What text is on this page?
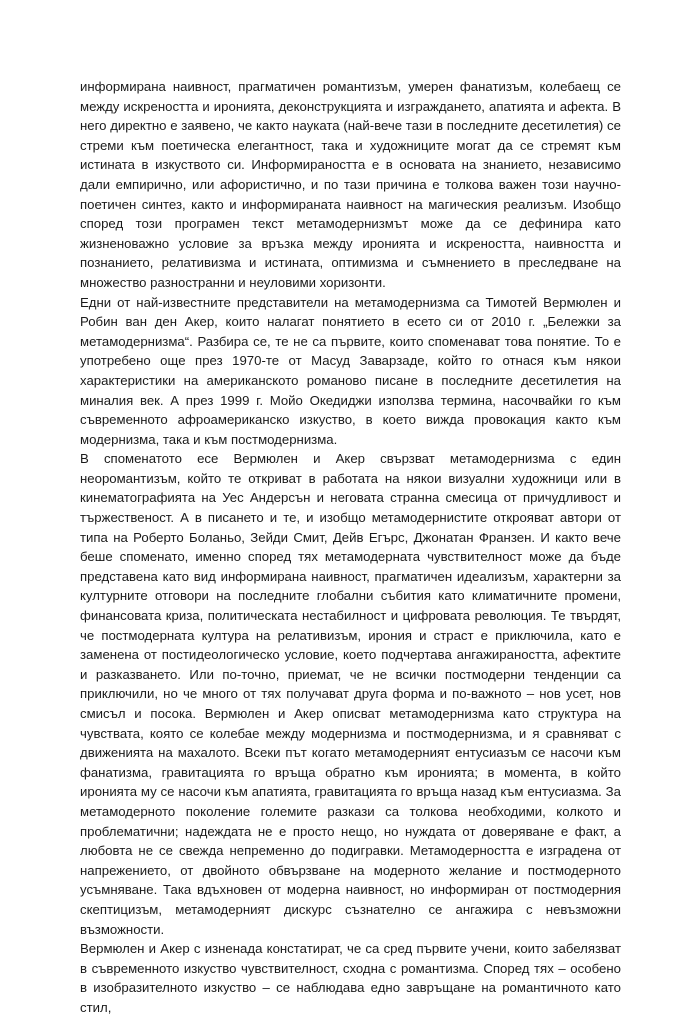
информирана наивност, прагматичен романтизъм, умерен фанатизъм, колебаещ се между искреността и иронията, деконструкцията и изграждането, апатията и афекта. В него директно е заявено, че както науката (най-вече тази в последните десетилетия) се стреми към поетическа елегантност, така и художниците могат да се стремят към истината в изкуството си. Информираността е в основата на знанието, независимо дали емпирично, или афористично, и по тази причина е толкова важен този научно-поетичен синтез, както и информираната наивност на магическия реализъм. Изобщо според този програмен текст метамодернизмът може да се дефинира като жизненоважно условие за връзка между иронията и искреността, наивността и познанието, релативизма и истината, оптимизма и съмнението в преследване на множество разностранни и неуловими хоризонти.

Едни от най-известните представители на метамодернизма са Тимотей Вермюлен и Робин ван ден Акер, които налагат понятието в есето си от 2010 г. „Бележки за метамодернизма“. Разбира се, те не са първите, които споменават това понятие. То е употребено още през 1970-те от Масуд Заварзаде, който го отнася към някои характеристики на американското романово писане в последните десетилетия на миналия век. А през 1999 г. Мойо Окедиджи използва термина, насочвайки го към съвременното афроамериканско изкуство, в което вижда провокация както към модернизма, така и към постмодернизма.

В споменатото есе Вермюлен и Акер свързват метамодернизма с един неоромантизъм, който те откриват в работата на някои визуални художници или в кинематографията на Уес Андерсън и неговата странна смесица от причудливост и тържественост. А в писането и те, и изобщо метамодернистите открояват автори от типа на Роберто Боланьо, Зейди Смит, Дейв Егърс, Джонатан Франзен. И както вече беше споменато, именно според тях метамодерната чувствителност може да бъде представена като вид информирана наивност, прагматичен идеализъм, характерни за културните отговори на последните глобални събития като климатичните промени, финансовата криза, политическата нестабилност и цифровата революция. Те твърдят, че постмодерната култура на релативизъм, ирония и страст е приключила, като е заменена от постидеологическо условие, което подчертава ангажираността, афектите и разказването. Или по-точно, приемат, че не всички постмодерни тенденции са приключили, но че много от тях получават друга форма и по-важното – нов усет, нов смисъл и посока. Вермюлен и Акер описват метамодернизма като структура на чувствата, която се колебае между модернизма и постмодернизма, и я сравняват с движенията на махалото. Всеки път когато метамодерният ентусиазъм се насочи към фанатизма, гравитацията го връща обратно към иронията; в момента, в който иронията му се насочи към апатията, гравитацията го връща назад към ентусиазма. За метамодерното поколение големите разкази са толкова необходими, колкото и проблематични; надеждата не е просто нещо, но нуждата от доверяване е факт, а любовта не се свежда непременно до подигравки. Метамодерността е изградена от напрежението, от двойното обвързване на модерното желание и постмодерното усъмняване. Така вдъхновен от модерна наивност, но информиран от постмодерния скептицизъм, метамодерният дискурс съзнателно се ангажира с невъзможни възможности.

Вермюлен и Акер с изненада констатират, че са сред първите учени, които забелязват в съвременното изкуство чувствителност, сходна с романтизма. Според тях – особено в изобразителното изкуство – се наблюдава едно завръщане на романтичното като стил,
